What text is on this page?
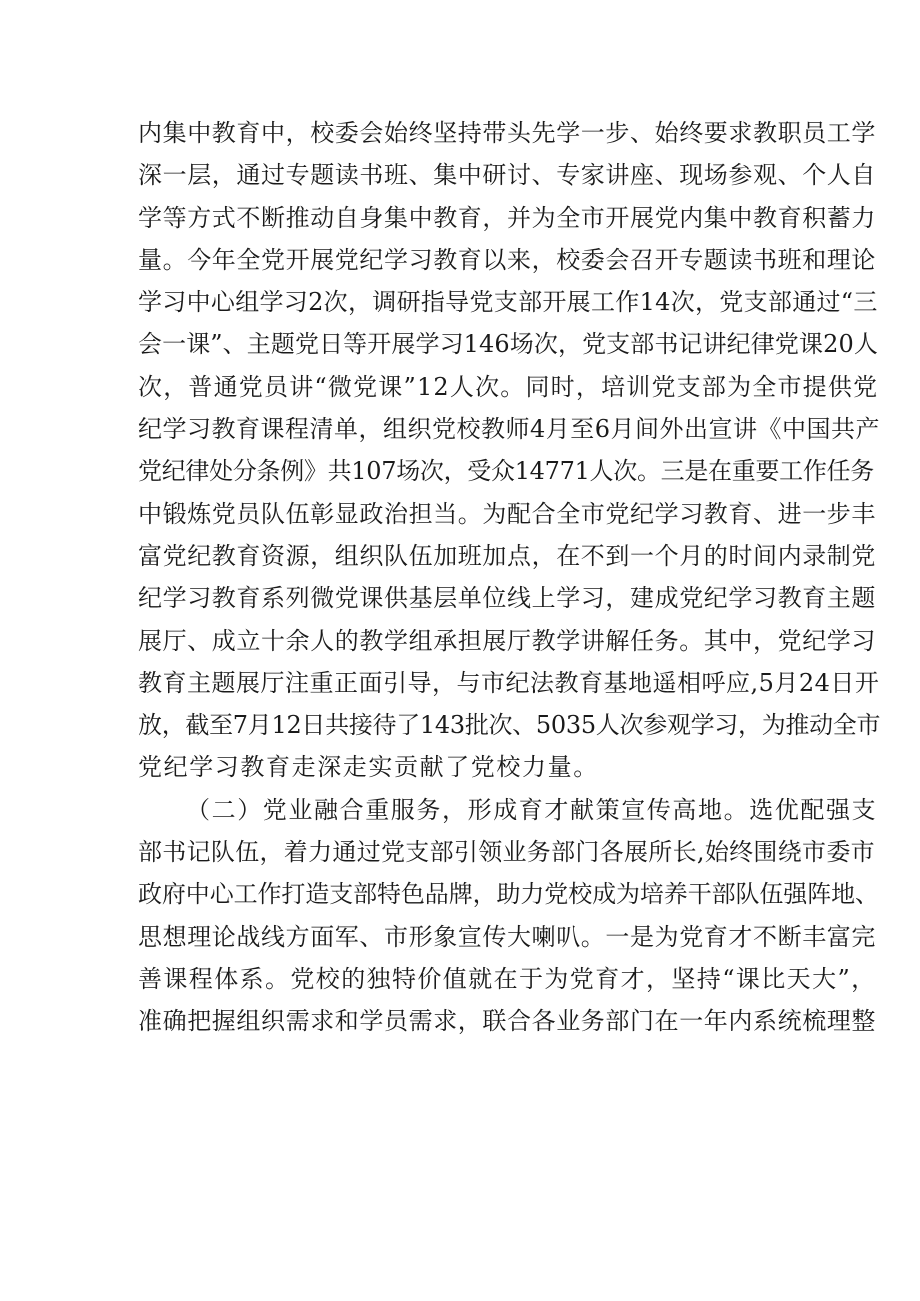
内集中教育中，校委会始终坚持带头先学一步、始终要求教职员工学
深一层，通过专题读书班、集中研讨、专家讲座、现场参观、个人自
学等方式不断推动自身集中教育，并为全市开展党内集中教育积蓄力
量。今年全党开展党纪学习教育以来，校委会召开专题读书班和理论
学习中心组学习2次，调研指导党支部开展工作14次，党支部通过“三
会一课”、主题党日等开展学习146场次，党支部书记讲纪律党课20人
次，普通党员讲“微党课”12人次。同时，培训党支部为全市提供党
纪学习教育课程清单，组织党校教师4月至6月间外出宣讲《中国共产
党纪律处分条例》共107场次，受众14771人次。三是在重要工作任务
中锻炼党员队伍彰显政治担当。为配合全市党纪学习教育、进一步丰
富党纪教育资源，组织队伍加班加点，在不到一个月的时间内录制党
纪学习教育系列微党课供基层单位线上学习，建成党纪学习教育主题
展厅、成立十余人的教学组承担展厅教学讲解任务。其中，党纪学习
教育主题展厅注重正面引导，与市纪法教育基地遥相呼应,5月24日开
放，截至7月12日共接待了143批次、5035人次参观学习，为推动全市
党纪学习教育走深走实贡献了党校力量。
（二）党业融合重服务，形成育才献策宣传高地。选优配强支
部书记队伍，着力通过党支部引领业务部门各展所长,始终围绕市委市
政府中心工作打造支部特色品牌，助力党校成为培养干部队伍强阵地、
思想理论战线方面军、市形象宣传大喇叭。一是为党育才不断丰富完
善课程体系。党校的独特价值就在于为党育才，坚持“课比天大”，
准确把握组织需求和学员需求，联合各业务部门在一年内系统梳理整
